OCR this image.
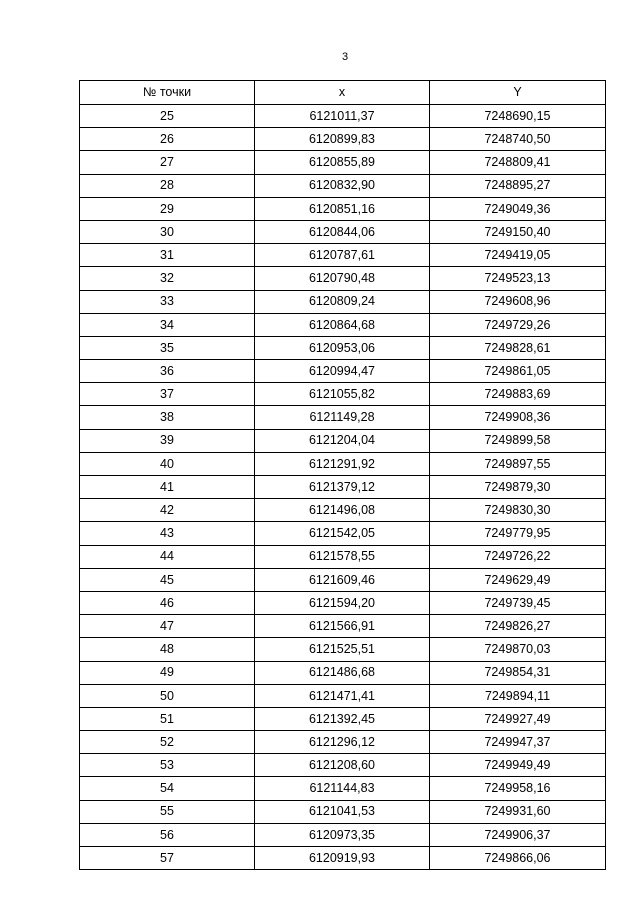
3
№ точки	x	Y
25	6121011,37	7248690,15
26	6120899,83	7248740,50
27	6120855,89	7248809,41
28	6120832,90	7248895,27
29	6120851,16	7249049,36
30	6120844,06	7249150,40
31	6120787,61	7249419,05
32	6120790,48	7249523,13
33	6120809,24	7249608,96
34	6120864,68	7249729,26
35	6120953,06	7249828,61
36	6120994,47	7249861,05
37	6121055,82	7249883,69
38	6121149,28	7249908,36
39	6121204,04	7249899,58
40	6121291,92	7249897,55
41	6121379,12	7249879,30
42	6121496,08	7249830,30
43	6121542,05	7249779,95
44	6121578,55	7249726,22
45	6121609,46	7249629,49
46	6121594,20	7249739,45
47	6121566,91	7249826,27
48	6121525,51	7249870,03
49	6121486,68	7249854,31
50	6121471,41	7249894,11
51	6121392,45	7249927,49
52	6121296,12	7249947,37
53	6121208,60	7249949,49
54	6121144,83	7249958,16
55	6121041,53	7249931,60
56	6120973,35	7249906,37
57	6120919,93	7249866,06
